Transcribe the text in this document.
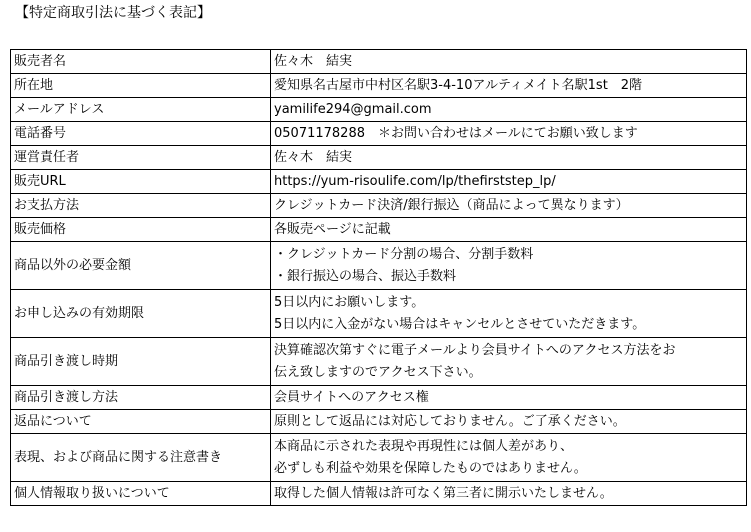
【特定商取引法に基づく表記】
販売者名	佐々木　結実

所在地	愛知県名古屋市中村区名駅3-4-10アルティメイト名駅1st　2階

メールアドレス	yamilife294@gmail.com

電話番号	05071178288　＊お問い合わせはメールにてお願い致します

運営責任者	佐々木　結実

販売URL	https://yum-risoulife.com/lp/thefirststep_lp/

お支払方法	クレジットカード決済/銀行振込（商品によって異なります）

販売価格	各販売ページに記載

商品以外の必要金額	・クレジットカード分割の場合、分割手数料
・銀行振込の場合、振込手数料

お申し込みの有効期限	5日以内にお願いします。
5日以内に入金がない場合はキャンセルとさせていただきます。

商品引き渡し時期	決算確認次第すぐに電子メールより会員サイトへのアクセス方法をお
伝え致しますのでアクセス下さい。

商品引き渡し方法	会員サイトへのアクセス権

返品について	原則として返品には対応しておりません。ご了承ください。

表現、および商品に関する注意書き	本商品に示された表現や再現性には個人差があり、
必ずしも利益や効果を保障したものではありません。

個人情報取り扱いについて	取得した個人情報は許可なく第三者に開示いたしません。
